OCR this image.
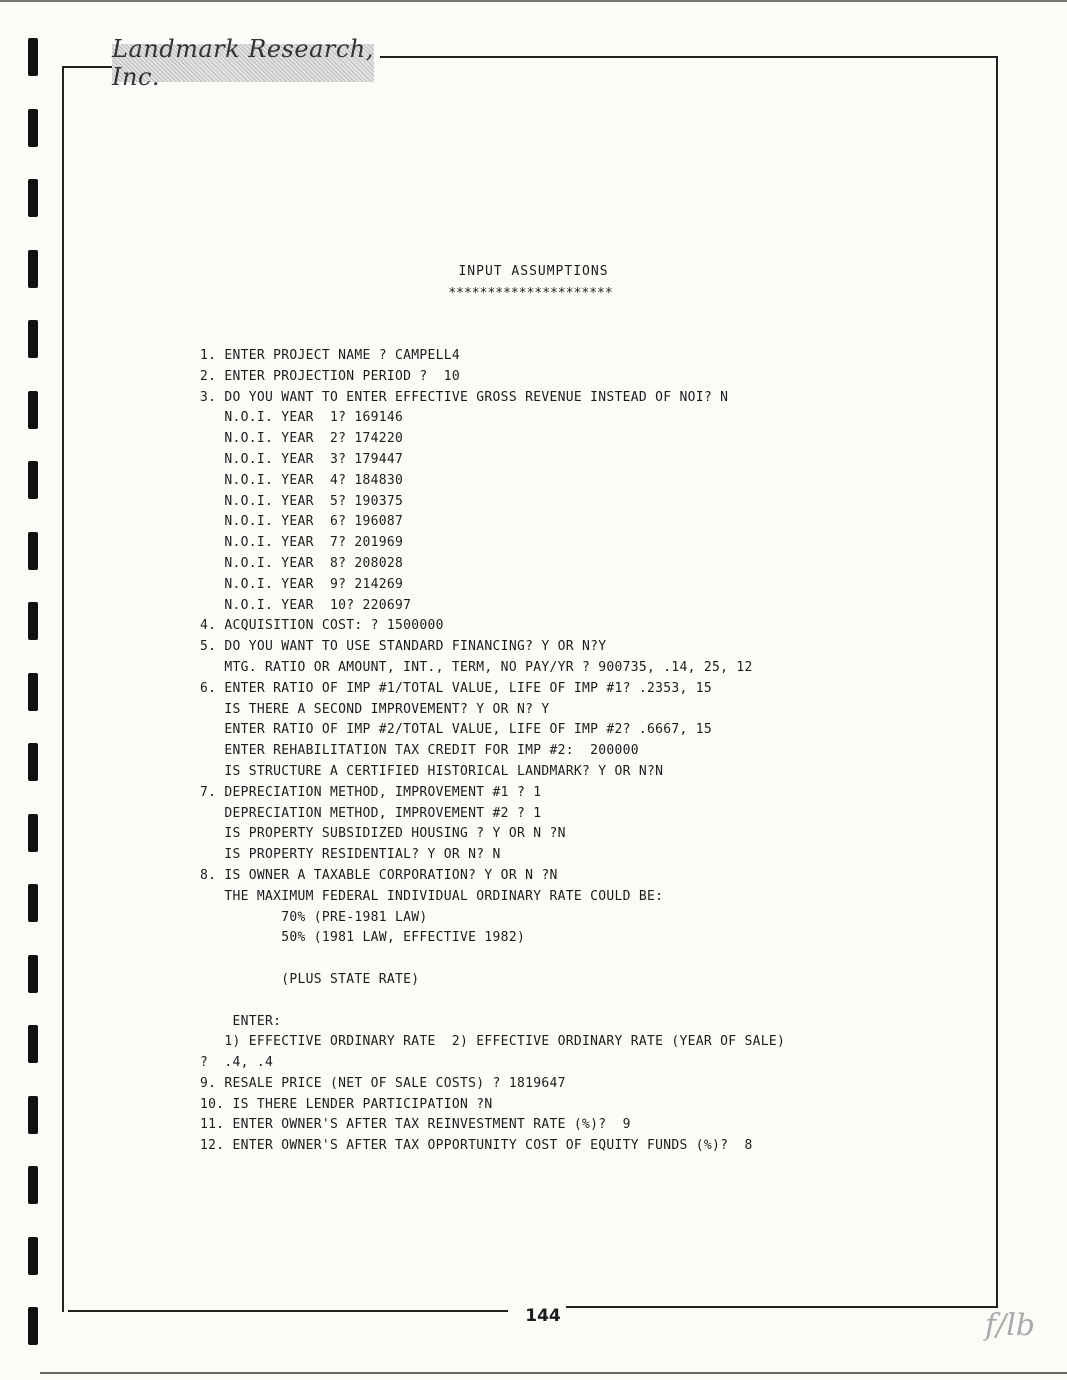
Landmark Research, Inc.
INPUT ASSUMPTIONS
*********************
1. ENTER PROJECT NAME ? CAMPELL4
2. ENTER PROJECTION PERIOD ?  10
3. DO YOU WANT TO ENTER EFFECTIVE GROSS REVENUE INSTEAD OF NOI? N
N.O.I. YEAR  1? 169146
N.O.I. YEAR  2? 174220
N.O.I. YEAR  3? 179447
N.O.I. YEAR  4? 184830
N.O.I. YEAR  5? 190375
N.O.I. YEAR  6? 196087
N.O.I. YEAR  7? 201969
N.O.I. YEAR  8? 208028
N.O.I. YEAR  9? 214269
N.O.I. YEAR  10? 220697
4. ACQUISITION COST: ? 1500000
5. DO YOU WANT TO USE STANDARD FINANCING? Y OR N?Y
MTG. RATIO OR AMOUNT, INT., TERM, NO PAY/YR ? 900735, .14, 25, 12
6. ENTER RATIO OF IMP #1/TOTAL VALUE, LIFE OF IMP #1? .2353, 15
IS THERE A SECOND IMPROVEMENT? Y OR N? Y
ENTER RATIO OF IMP #2/TOTAL VALUE, LIFE OF IMP #2? .6667, 15
ENTER REHABILITATION TAX CREDIT FOR IMP #2:  200000
IS STRUCTURE A CERTIFIED HISTORICAL LANDMARK? Y OR N?N
7. DEPRECIATION METHOD, IMPROVEMENT #1 ? 1
DEPRECIATION METHOD, IMPROVEMENT #2 ? 1
IS PROPERTY SUBSIDIZED HOUSING ? Y OR N ?N
IS PROPERTY RESIDENTIAL? Y OR N? N
8. IS OWNER A TAXABLE CORPORATION? Y OR N ?N
THE MAXIMUM FEDERAL INDIVIDUAL ORDINARY RATE COULD BE:
70% (PRE-1981 LAW)
50% (1981 LAW, EFFECTIVE 1982)

(PLUS STATE RATE)

ENTER:
1) EFFECTIVE ORDINARY RATE  2) EFFECTIVE ORDINARY RATE (YEAR OF SALE)
?  .4, .4
9. RESALE PRICE (NET OF SALE COSTS) ? 1819647
10. IS THERE LENDER PARTICIPATION ?N
11. ENTER OWNER'S AFTER TAX REINVESTMENT RATE (%)?  9
12. ENTER OWNER'S AFTER TAX OPPORTUNITY COST OF EQUITY FUNDS (%)?  8
144	f/lb
